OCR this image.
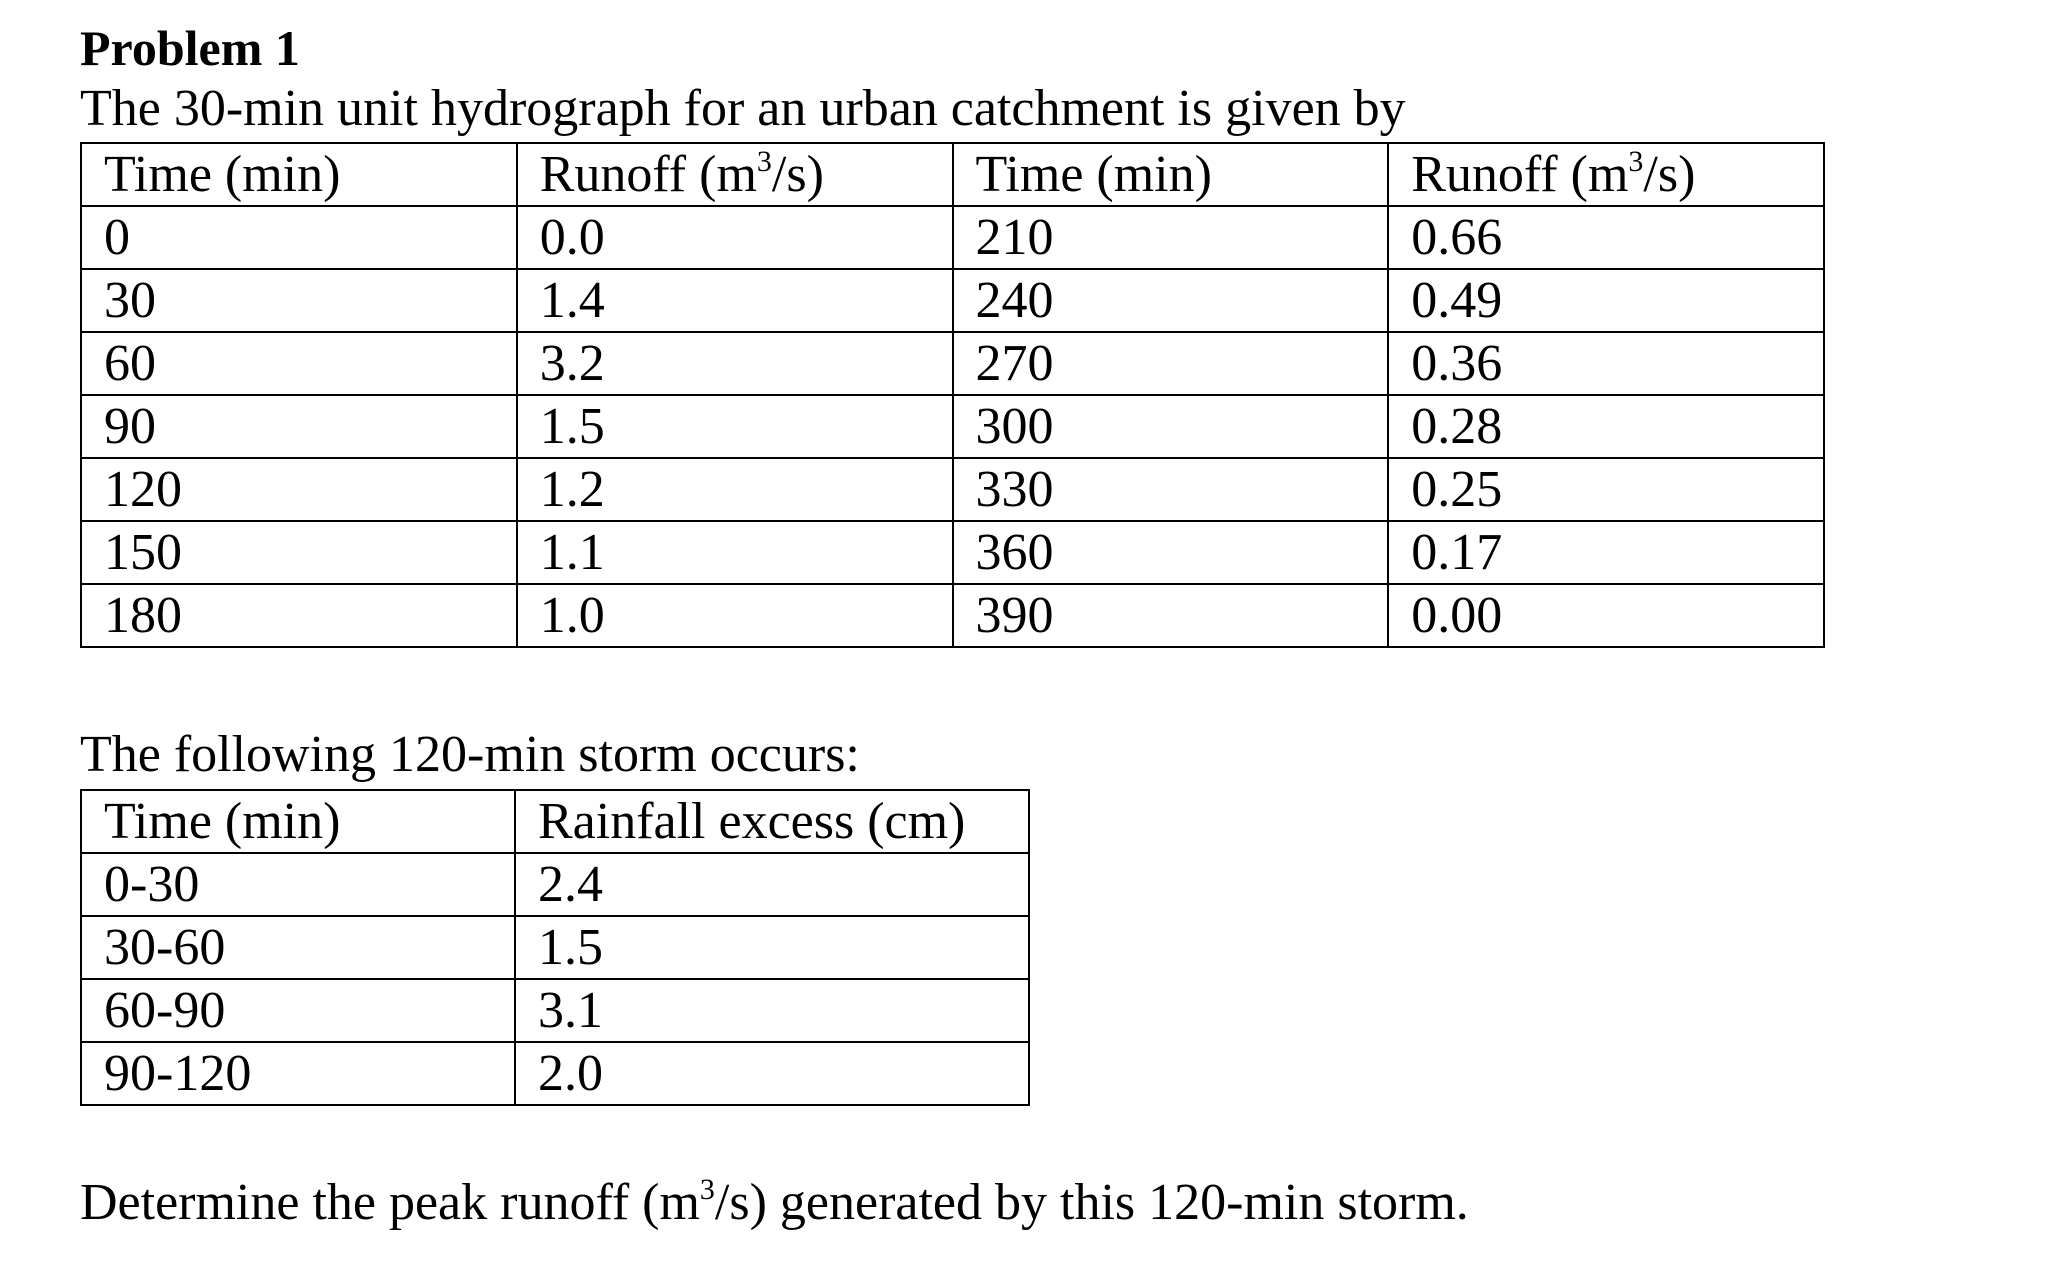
Problem 1
The 30-min unit hydrograph for an urban catchment is given by
Time (min)	Runoff $(m^3/s)$	Time (min)	Runoff $(m^3/s)$
0	0.0	210	0.66
30	1.4	240	0.49
60	3.2	270	0.36
90	1.5	300	0.28
120	1.2	330	0.25
150	1.1	360	0.17
180	1.0	390	0.00
The following 120-min storm occurs:
Time (min)	Rainfall excess (cm)
0-30	2.4
30-60	1.5
60-90	3.1
90-120	2.0
Determine the peak runoff $(m^3/s)$ generated by this 120-min storm.
